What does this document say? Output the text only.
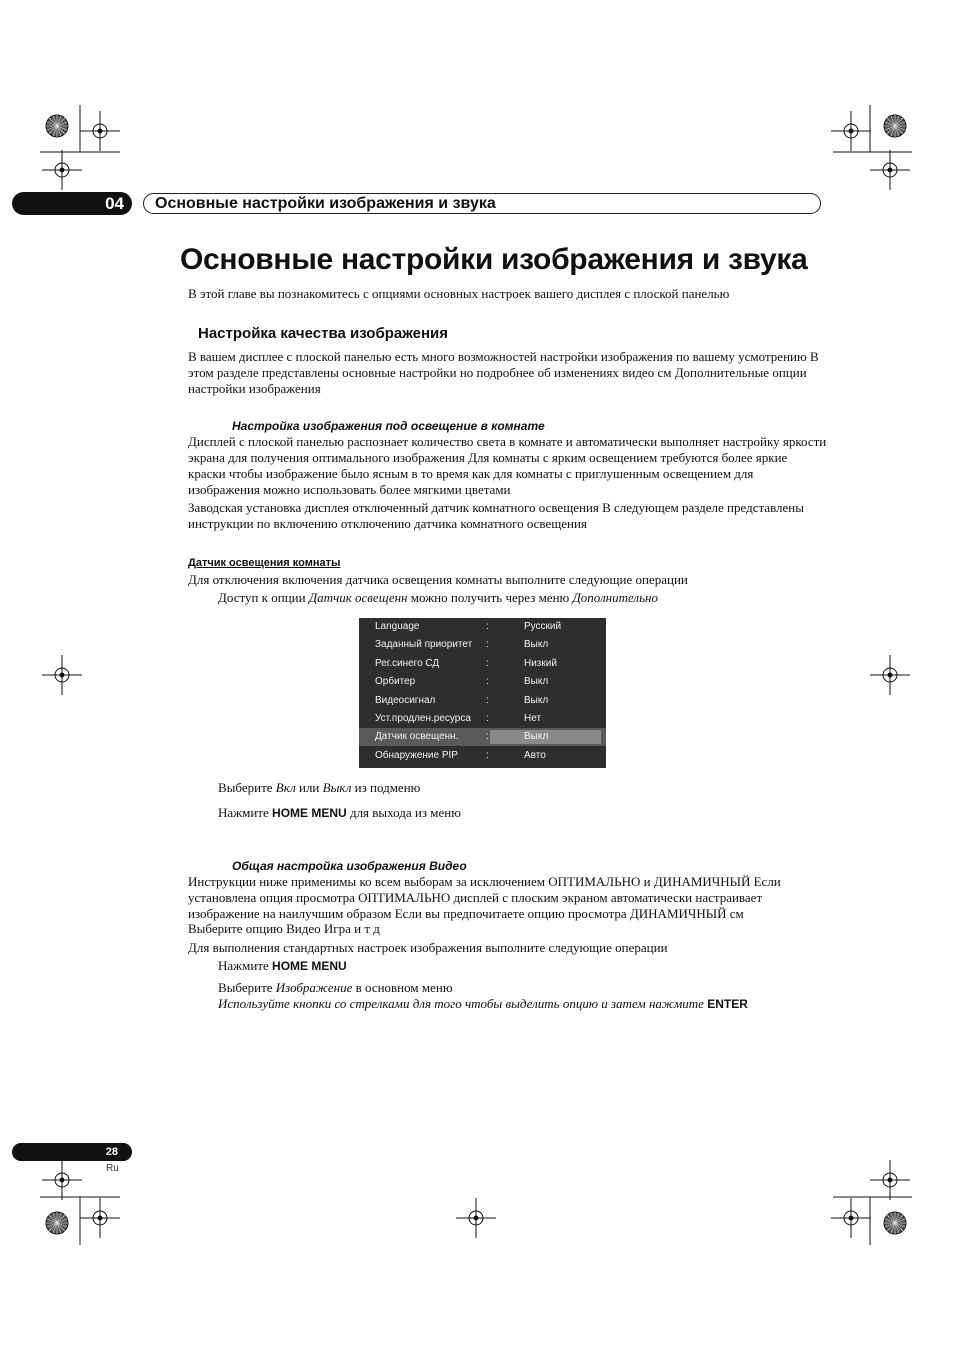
04	Основные настройки изображения и звука
Основные настройки изображения и звука
В этой главе вы познакомитесь с опциями основных настроек вашего дисплея с плоской панелью
Настройка качества изображения
В вашем дисплее с плоской панелью есть много возможностей настройки изображения по вашему усмотрению В
этом разделе представлены основные настройки но подробнее об изменениях видео см Дополнительные опции
настройки изображения
Настройка изображения под освещение в комнате
Дисплей с плоской панелью распознает количество света в комнате и автоматически выполняет настройку яркости
экрана для получения оптимального изображения Для комнаты с ярким освещением требуются более яркие
краски чтобы изображение было ясным в то время как для комнаты с приглушенным освещением для
изображения можно использовать более мягкими цветами
Заводская установка дисплея отключенный датчик комнатного освещения В следующем разделе представлены
инструкции по включению отключению датчика комнатного освещения
Датчик освещения комнаты
Для отключения включения датчика освещения комнаты выполните следующие операции
Доступ к опции Датчик освещенн можно получить через меню Дополнительно
Language	:	Русский
Заданный приоритет :	Выкл
Рег.синего СД	:	Низкий
Орбитер	:	Выкл
Видеосигнал	:	Выкл
Уст.продлен.ресурса :	Нет
Датчик освещенн.	:	Выкл
Обнаружение PIP	:	Авто
Выберите Вкл или Выкл из подменю
Нажмите HOME MENU для выхода из меню
Общая настройка изображения Видео
Инструкции ниже применимы ко всем выборам за исключением ОПТИМАЛЬНО и ДИНАМИЧНЫЙ Если
установлена опция просмотра ОПТИМАЛЬНО дисплей с плоским экраном автоматически настраивает
изображение на наилучшим образом Если вы предпочитаете опцию просмотра ДИНАМИЧНЫЙ см
Выберите опцию Видео Игра и т д
Для выполнения стандартных настроек изображения выполните следующие операции
Нажмите HOME MENU
Выберите Изображение в основном меню
Используйте кнопки со стрелками для того чтобы выделить опцию и затем нажмите ENTER
28
Ru
